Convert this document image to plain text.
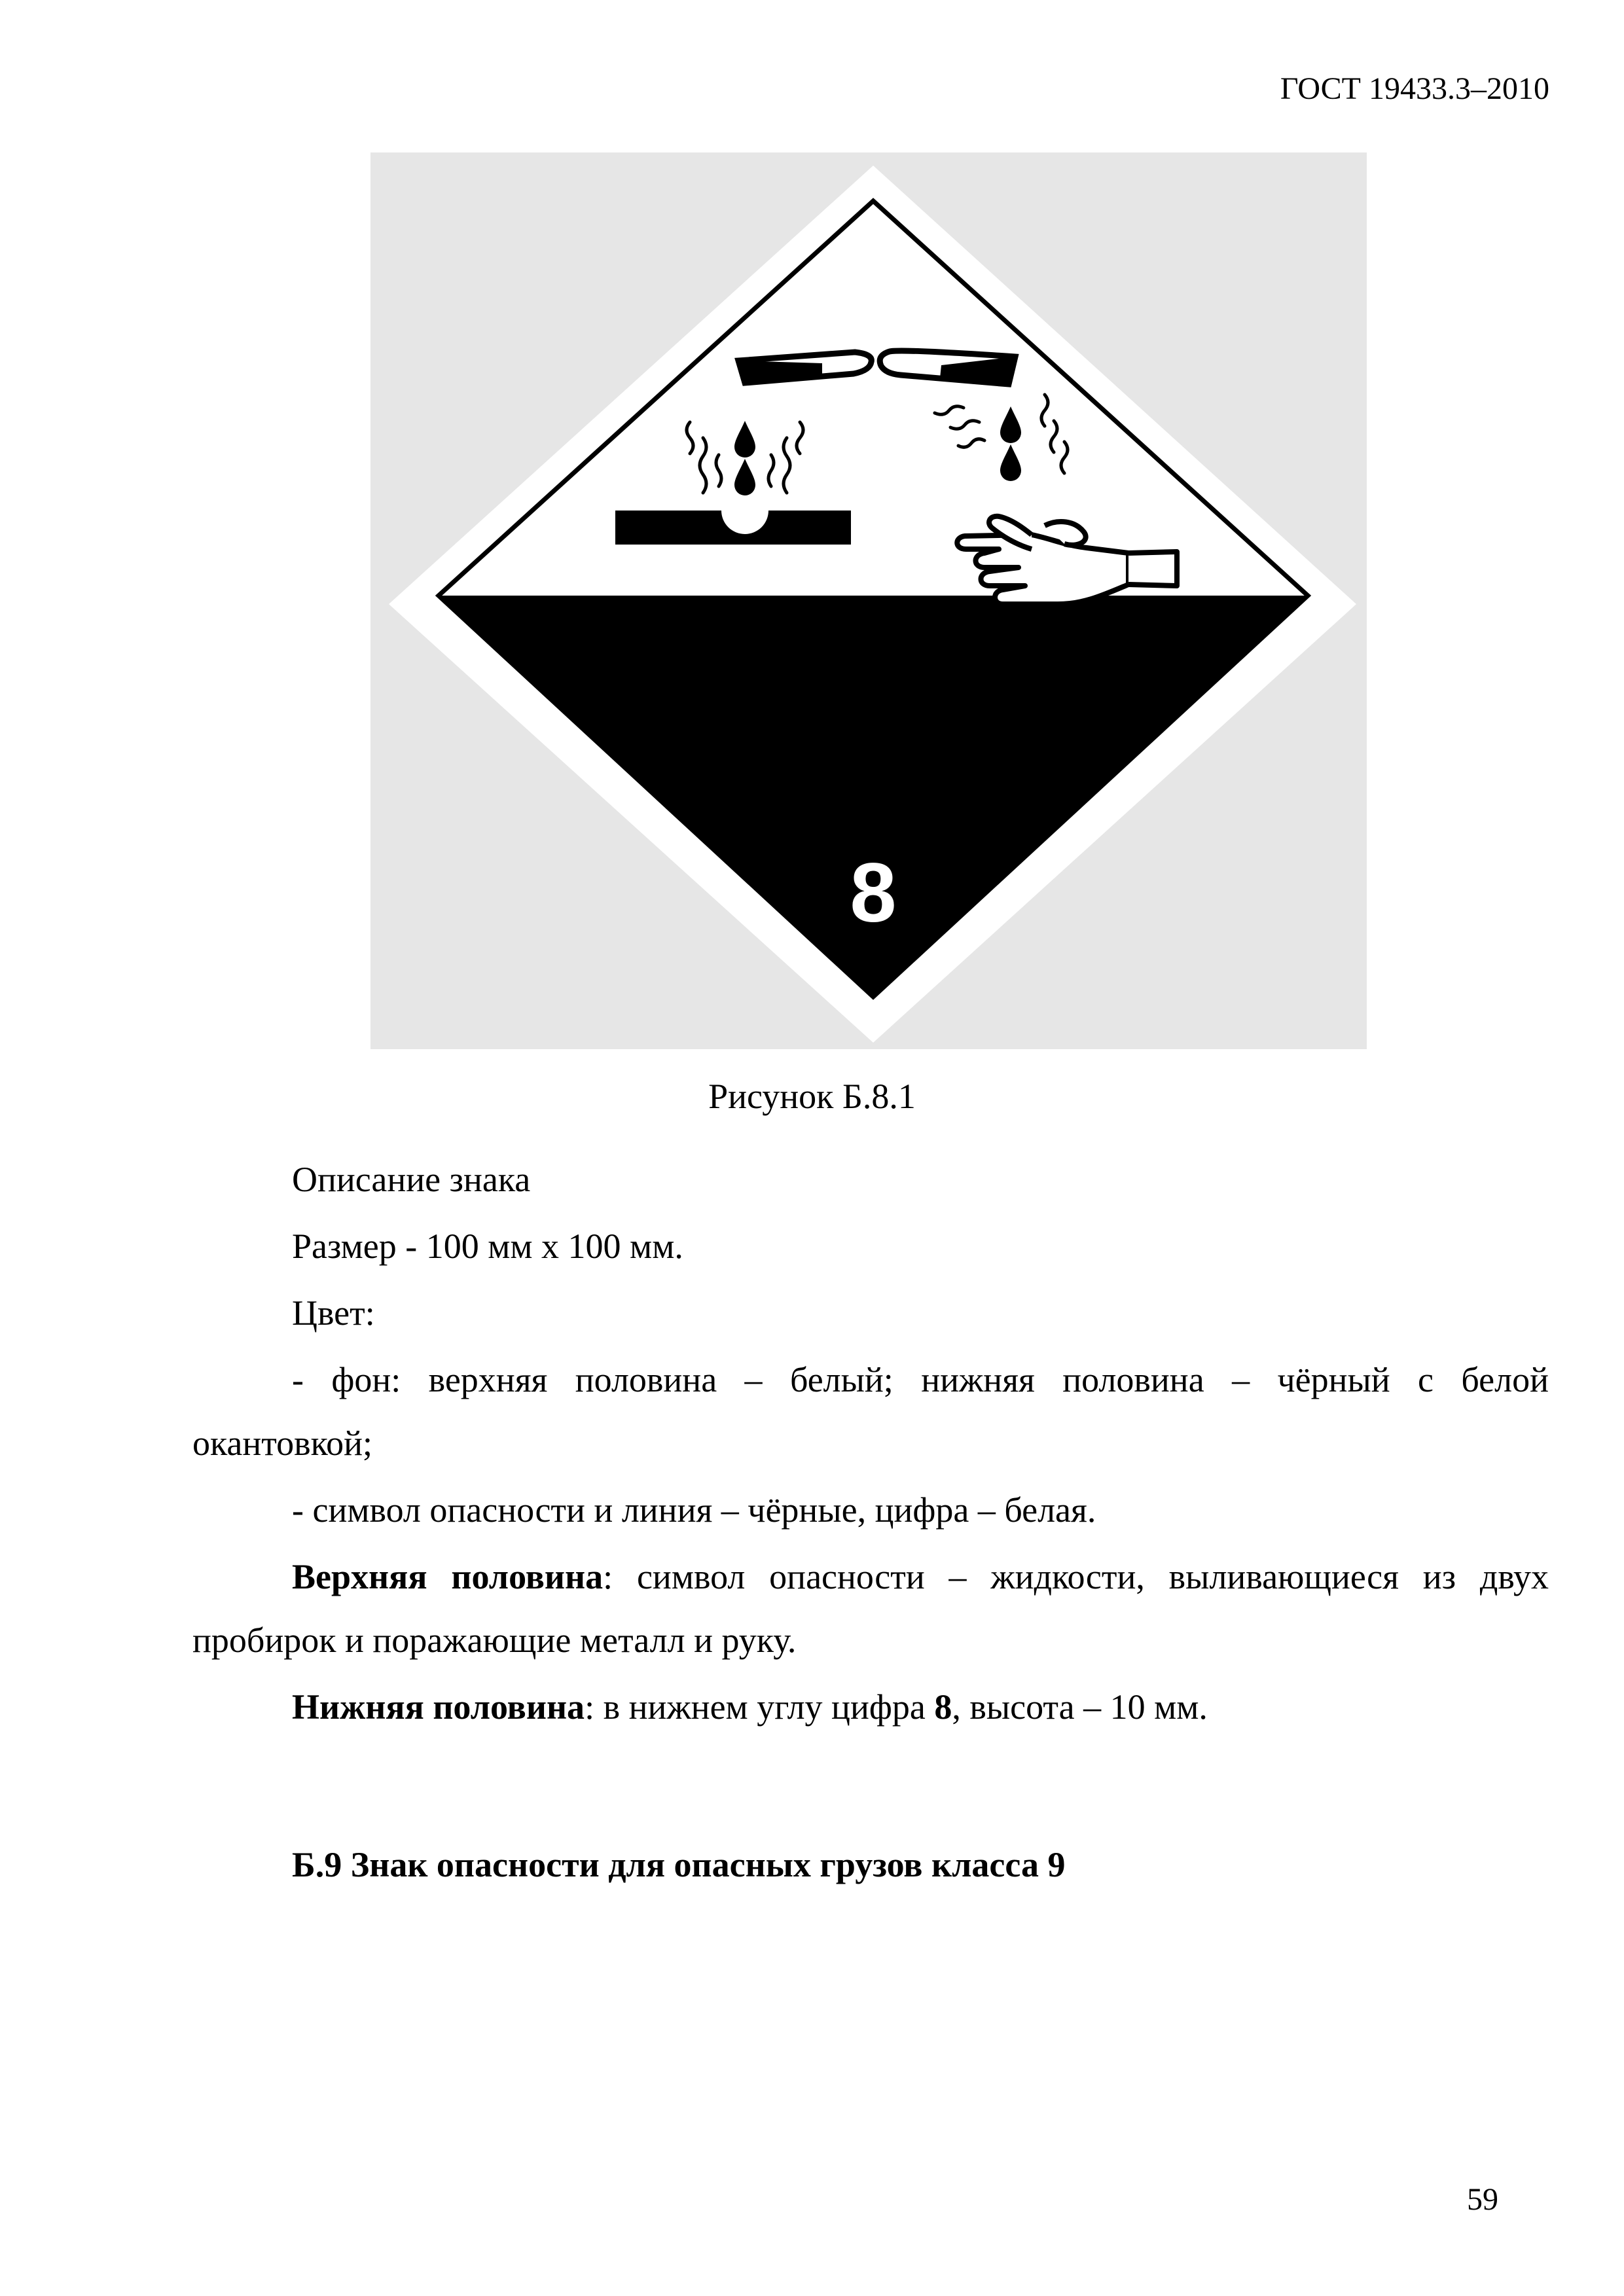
ГОСТ 19433.3–2010
8
Рисунок Б.8.1
Описание знака
Размер - 100 мм х 100 мм.
Цвет:
- фон: верхняя половина – белый; нижняя половина – чёрный с белой
окантовкой;
- символ опасности и линия – чёрные, цифра – белая.
Верхняя половина: символ опасности – жидкости, выливающиеся из двух
пробирок и поражающие металл и руку.
Нижняя половина: в нижнем углу цифра 8, высота – 10 мм.
Б.9 Знак опасности для опасных грузов класса 9
59
